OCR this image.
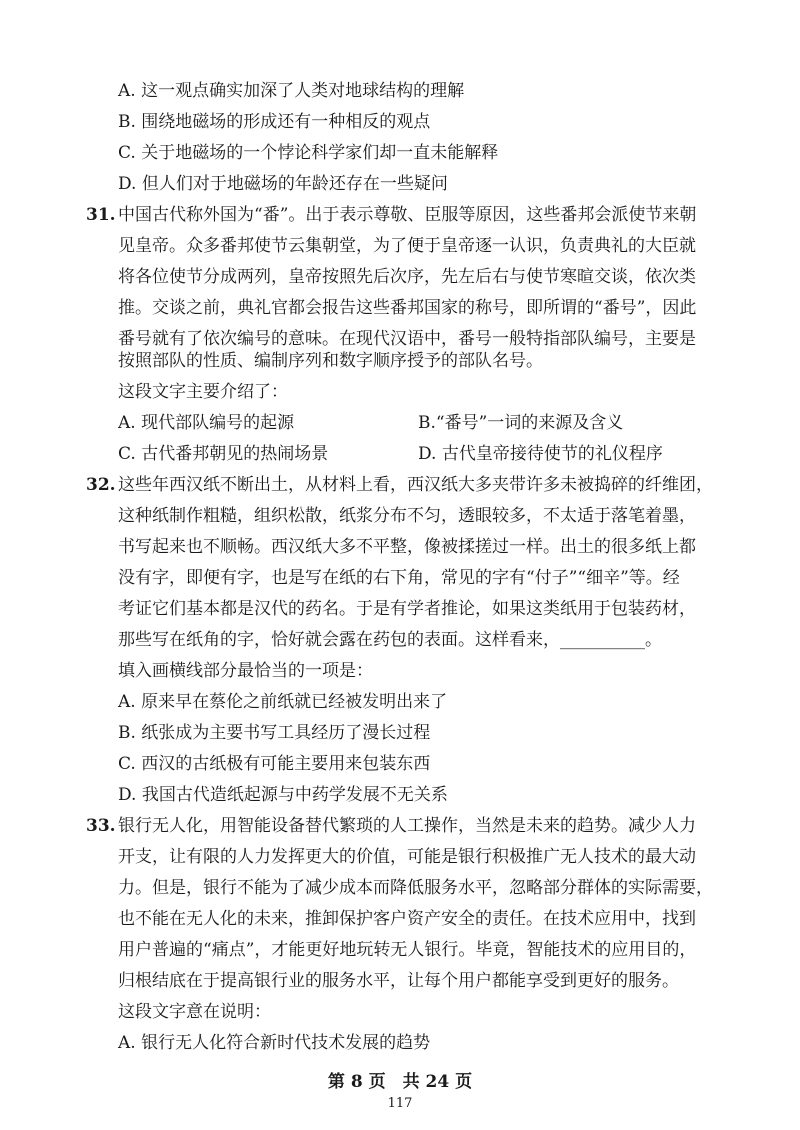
A. 这一观点确实加深了人类对地球结构的理解
B. 围绕地磁场的形成还有一种相反的观点
C. 关于地磁场的一个悖论科学家们却一直未能解释
D. 但人们对于地磁场的年龄还存在一些疑问
31. 中国古代称外国为“番”。出于表示尊敬、臣服等原因，这些番邦会派使节来朝
见皇帝。众多番邦使节云集朝堂，为了便于皇帝逐一认识，负责典礼的大臣就
将各位使节分成两列，皇帝按照先后次序，先左后右与使节寒暄交谈，依次类
推。交谈之前，典礼官都会报告这些番邦国家的称号，即所谓的“番号”，因此
番号就有了依次编号的意味。在现代汉语中，番号一般特指部队编号，主要是
按照部队的性质、编制序列和数字顺序授予的部队名号。
这段文字主要介绍了：
A. 现代部队编号的起源	B.“番号”一词的来源及含义
C. 古代番邦朝见的热闹场景	D. 古代皇帝接待使节的礼仪程序
32. 这些年西汉纸不断出土，从材料上看，西汉纸大多夹带许多未被捣碎的纤维团，
这种纸制作粗糙，组织松散，纸浆分布不匀，透眼较多，不太适于落笔着墨，
书写起来也不顺畅。西汉纸大多不平整，像被揉搓过一样。出土的很多纸上都
没有字，即便有字，也是写在纸的右下角，常见的字有“付子”“细辛”等。经
考证它们基本都是汉代的药名。于是有学者推论，如果这类纸用于包装药材，
那些写在纸角的字，恰好就会露在药包的表面。这样看来，__________。
填入画横线部分最恰当的一项是：
A. 原来早在蔡伦之前纸就已经被发明出来了
B. 纸张成为主要书写工具经历了漫长过程
C. 西汉的古纸极有可能主要用来包装东西
D. 我国古代造纸起源与中药学发展不无关系
33. 银行无人化，用智能设备替代繁琐的人工操作，当然是未来的趋势。减少人力
开支，让有限的人力发挥更大的价值，可能是银行积极推广无人技术的最大动
力。但是，银行不能为了减少成本而降低服务水平，忽略部分群体的实际需要，
也不能在无人化的未来，推卸保护客户资产安全的责任。在技术应用中，找到
用户普遍的“痛点”，才能更好地玩转无人银行。毕竟，智能技术的应用目的，
归根结底在于提高银行业的服务水平，让每个用户都能享受到更好的服务。
这段文字意在说明：
A. 银行无人化符合新时代技术发展的趋势
第 8 页　共 24 页
117
